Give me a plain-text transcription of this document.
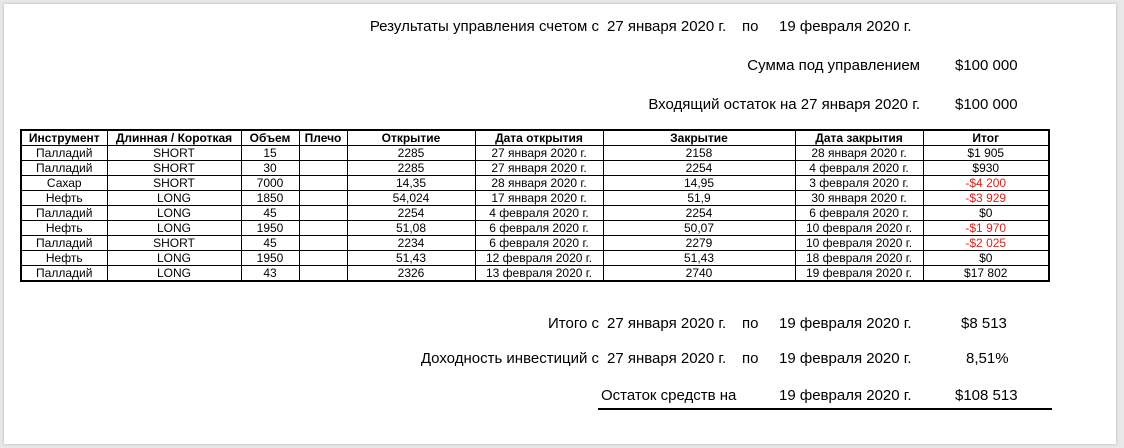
Результаты управления счетом с 27 января 2020 г. по 19 февраля 2020 г.
Сумма под управлением $100 000
Входящий остаток на 27 января 2020 г. $100 000
Инструмент	Длинная / Короткая	Объем	Плечо	Открытие	Дата открытия	Закрытие	Дата закрытия	Итог
Палладий	SHORT	15		2285	27 января 2020 г.	2158	28 января 2020 г.	$1 905
Палладий	SHORT	30		2285	27 января 2020 г.	2254	4 февраля 2020 г.	$930
Сахар	SHORT	7000		14,35	28 января 2020 г.	14,95	3 февраля 2020 г.	-$4 200
Нефть	LONG	1850		54,024	17 января 2020 г.	51,9	30 января 2020 г.	-$3 929
Палладий	LONG	45		2254	4 февраля 2020 г.	2254	6 февраля 2020 г.	$0
Нефть	LONG	1950		51,08	6 февраля 2020 г.	50,07	10 февраля 2020 г.	-$1 970
Палладий	SHORT	45		2234	6 февраля 2020 г.	2279	10 февраля 2020 г.	-$2 025
Нефть	LONG	1950		51,43	12 февраля 2020 г.	51,43	18 февраля 2020 г.	$0
Палладий	LONG	43		2326	13 февраля 2020 г.	2740	19 февраля 2020 г.	$17 802
Итого с 27 января 2020 г. по 19 февраля 2020 г.	$8 513
Доходность инвестиций с 27 января 2020 г. по 19 февраля 2020 г.	8,51%
Остаток средств на	19 февраля 2020 г.	$108 513
